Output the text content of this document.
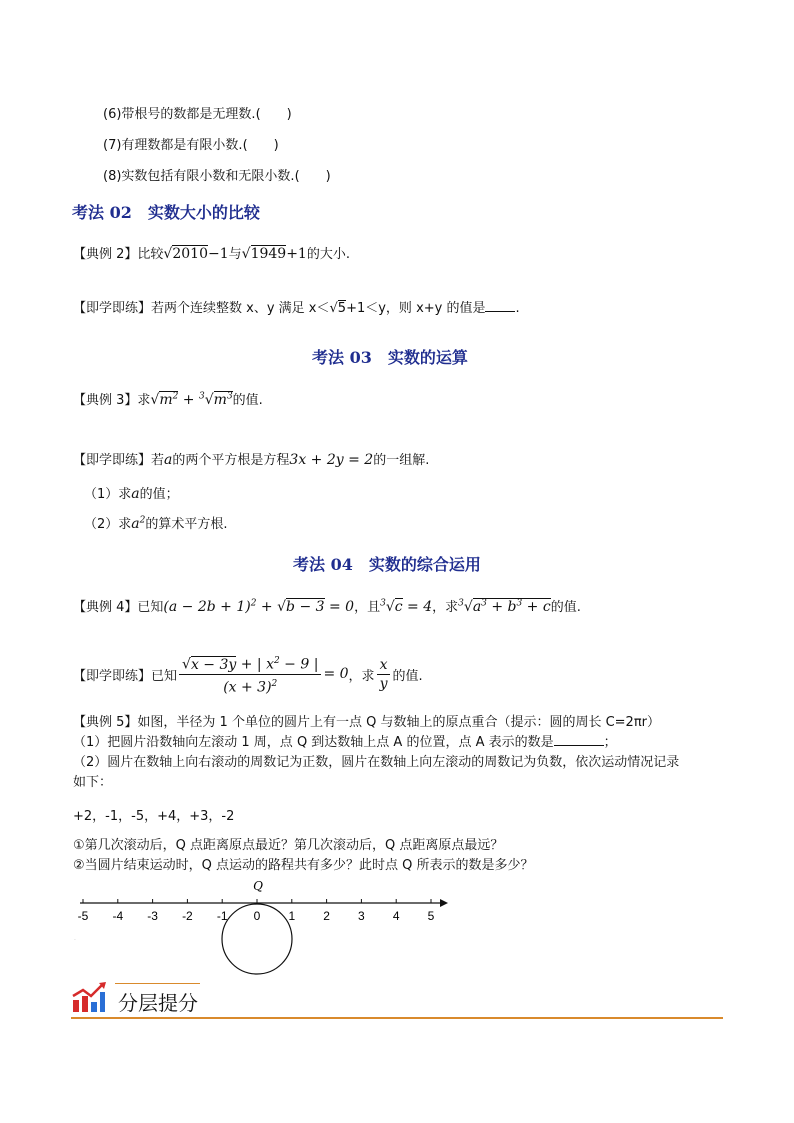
(6)带根号的数都是无理数.(　　)
(7)有理数都是有限小数.(　　)
(8)实数包括有限小数和无限小数.(　　)
考法 02　实数大小的比较
【典例 2】比较√2010−1与√1949+1的大小.
【即学即练】若两个连续整数 x、y 满足 x＜√5+1＜y，则 x+y 的值是 .
考法 03　实数的运算
【典例 3】求$√m^2 + ^3√m^3$的值.
【即学即练】若a的两个平方根是方程3x + 2y = 2的一组解.
（1）求a的值；
（2）求$a^2$的算术平方根.
考法 04　实数的综合运用
【典例 4】已知$(a - 2b + 1)^2 + √b - 3 = 0$，且$^3$√c = 4，求$^3√a^3 + b^3 + c$的值.
【即学即练】 已知 $\frac{√x - 3y + | x^2 - 9 |}{(x + 3)^2} = 0$ ，求 $\frac{x}{y}$ 的值.
【典例 5】如图，半径为 1 个单位的圆片上有一点 Q 与数轴上的原点重合（提示：圆的周长 C=2πr）
（1）把圆片沿数轴向左滚动 1 周，点 Q 到达数轴上点 A 的位置，点 A 表示的数是	；
（2）圆片在数轴上向右滚动的周数记为正数，圆片在数轴上向左滚动的周数记为负数，依次运动情况记录
如下：
+2，-1，-5，+4，+3，-2
①第几次滚动后，Q 点距离原点最近？第几次滚动后，Q 点距离原点最远？
②当圆片结束运动时，Q 点运动的路程共有多少？此时点 Q 所表示的数是多少？
-5 -4 -3 -2 -1 0 1 2 3 4 5
Q
.
分层提分
